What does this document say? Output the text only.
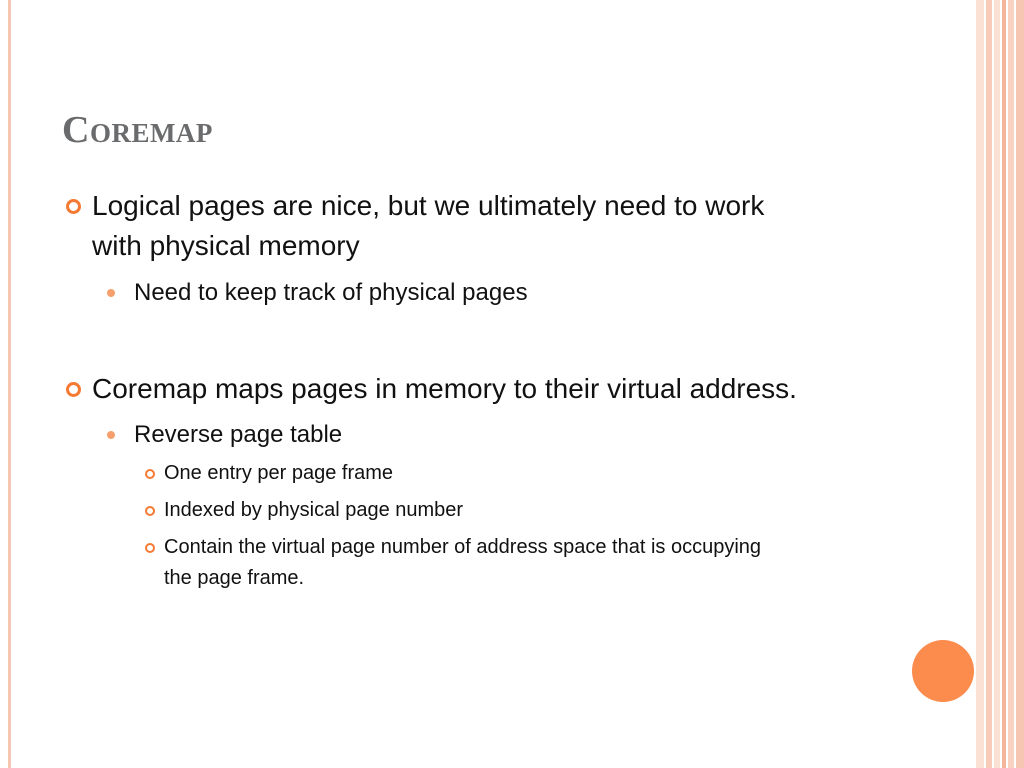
Coremap
Logical pages are nice, but we ultimately need to work
with physical memory
Need to keep track of physical pages
Coremap maps pages in memory to their virtual address.
Reverse page table
One entry per page frame
Indexed by physical page number
Contain the virtual page number of address space that is occupying
the page frame.
